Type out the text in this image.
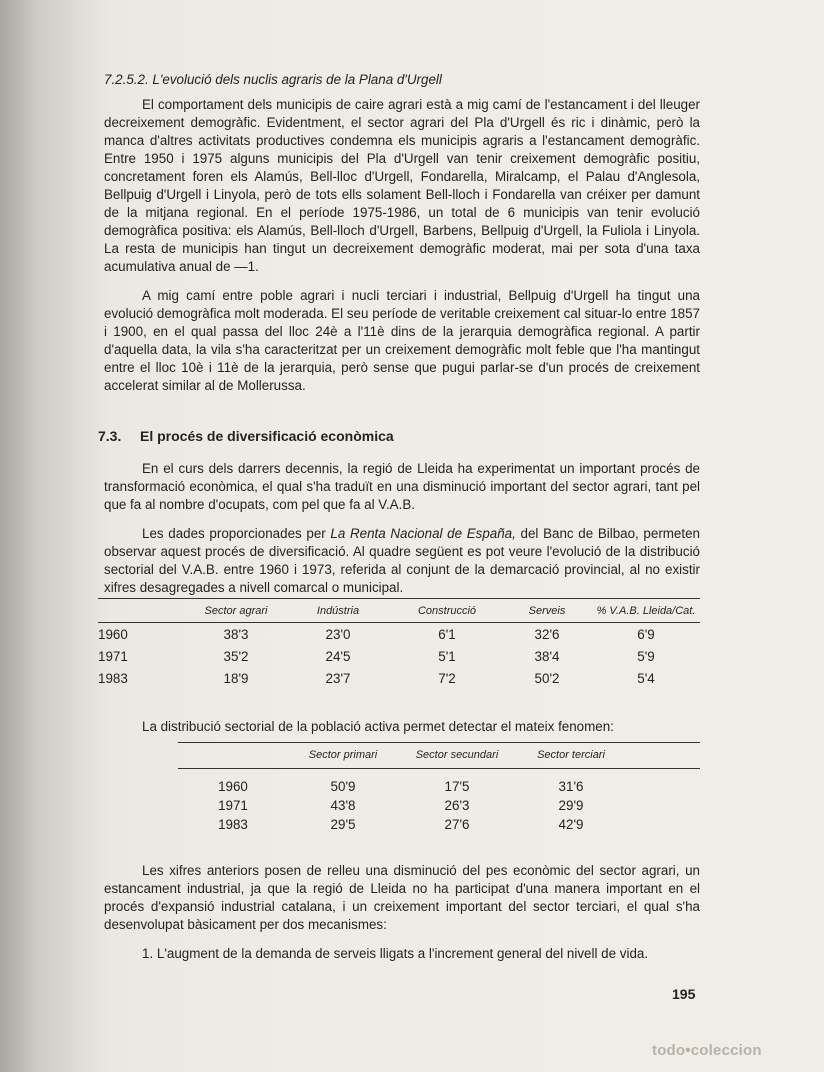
7.2.5.2. L'evolució dels nuclis agraris de la Plana d'Urgell

El comportament dels municipis de caire agrari està a mig camí de l'estancament i del lleuger decreixement demogràfic. Evidentment, el sector agrari del Pla d'Urgell és ric i dinàmic, però la manca d'altres activitats productives condemna els municipis agraris a l'estancament demogràfic. Entre 1950 i 1975 alguns municipis del Pla d'Urgell van tenir creixement demogràfic positiu, concretament foren els Alamús, Bell-lloc d'Urgell, Fondarella, Miralcamp, el Palau d'Anglesola, Bellpuig d'Urgell i Linyola, però de tots ells solament Bell-lloch i Fondarella van créixer per damunt de la mitjana regional. En el període 1975-1986, un total de 6 municipis van tenir evolució demogràfica positiva: els Alamús, Bell-lloch d'Urgell, Barbens, Bellpuig d'Urgell, la Fuliola i Linyola. La resta de municipis han tingut un decreixement demogràfic moderat, mai per sota d'una taxa acumulativa anual de —1.

A mig camí entre poble agrari i nucli terciari i industrial, Bellpuig d'Urgell ha tingut una evolució demogràfica molt moderada. El seu període de veritable creixement cal situar-lo entre 1857 i 1900, en el qual passa del lloc 24è a l'11è dins de la jerarquia demogràfica regional. A partir d'aquella data, la vila s'ha caracteritzat per un creixement demogràfic molt feble que l'ha mantingut entre el lloc 10è i 11è de la jerarquia, però sense que pugui parlar-se d'un procés de creixement accelerat similar al de Mollerussa.

7.3. El procés de diversificació econòmica

En el curs dels darrers decennis, la regió de Lleida ha experimentat un important procés de transformació econòmica, el qual s'ha traduït en una disminució important del sector agrari, tant pel que fa al nombre d'ocupats, com pel que fa al V.A.B.

Les dades proporcionades per La Renta Nacional de España, del Banc de Bilbao, permeten observar aquest procés de diversificació. Al quadre següent es pot veure l'evolució de la distribució sectorial del V.A.B. entre 1960 i 1973, referida al conjunt de la demarcació provincial, al no existir xifres desagregades a nivell comarcal o municipal.

	Sector agrari	Indústria	Construcció	Serveis	% V.A.B. Lleida/Cat.
1960	38'3	23'0	6'1	32'6	6'9
1971	35'2	24'5	5'1	38'4	5'9
1983	18'9	23'7	7'2	50'2	5'4

La distribució sectorial de la població activa permet detectar el mateix fenomen:

	Sector primari	Sector secundari	Sector terciari	

1960	50'9	17'5	31'6	
1971	43'8	26'3	29'9	
1983	29'5	27'6	42'9	

Les xifres anteriors posen de relleu una disminució del pes econòmic del sector agrari, un estancament industrial, ja que la regió de Lleida no ha participat d'una manera important en el procés d'expansió industrial catalana, i un creixement important del sector terciari, el qual s'ha desenvolupat bàsicament per dos mecanismes:

1. L'augment de la demanda de serveis lligats a l'increment general del nivell de vida.

195
todo•coleccion
